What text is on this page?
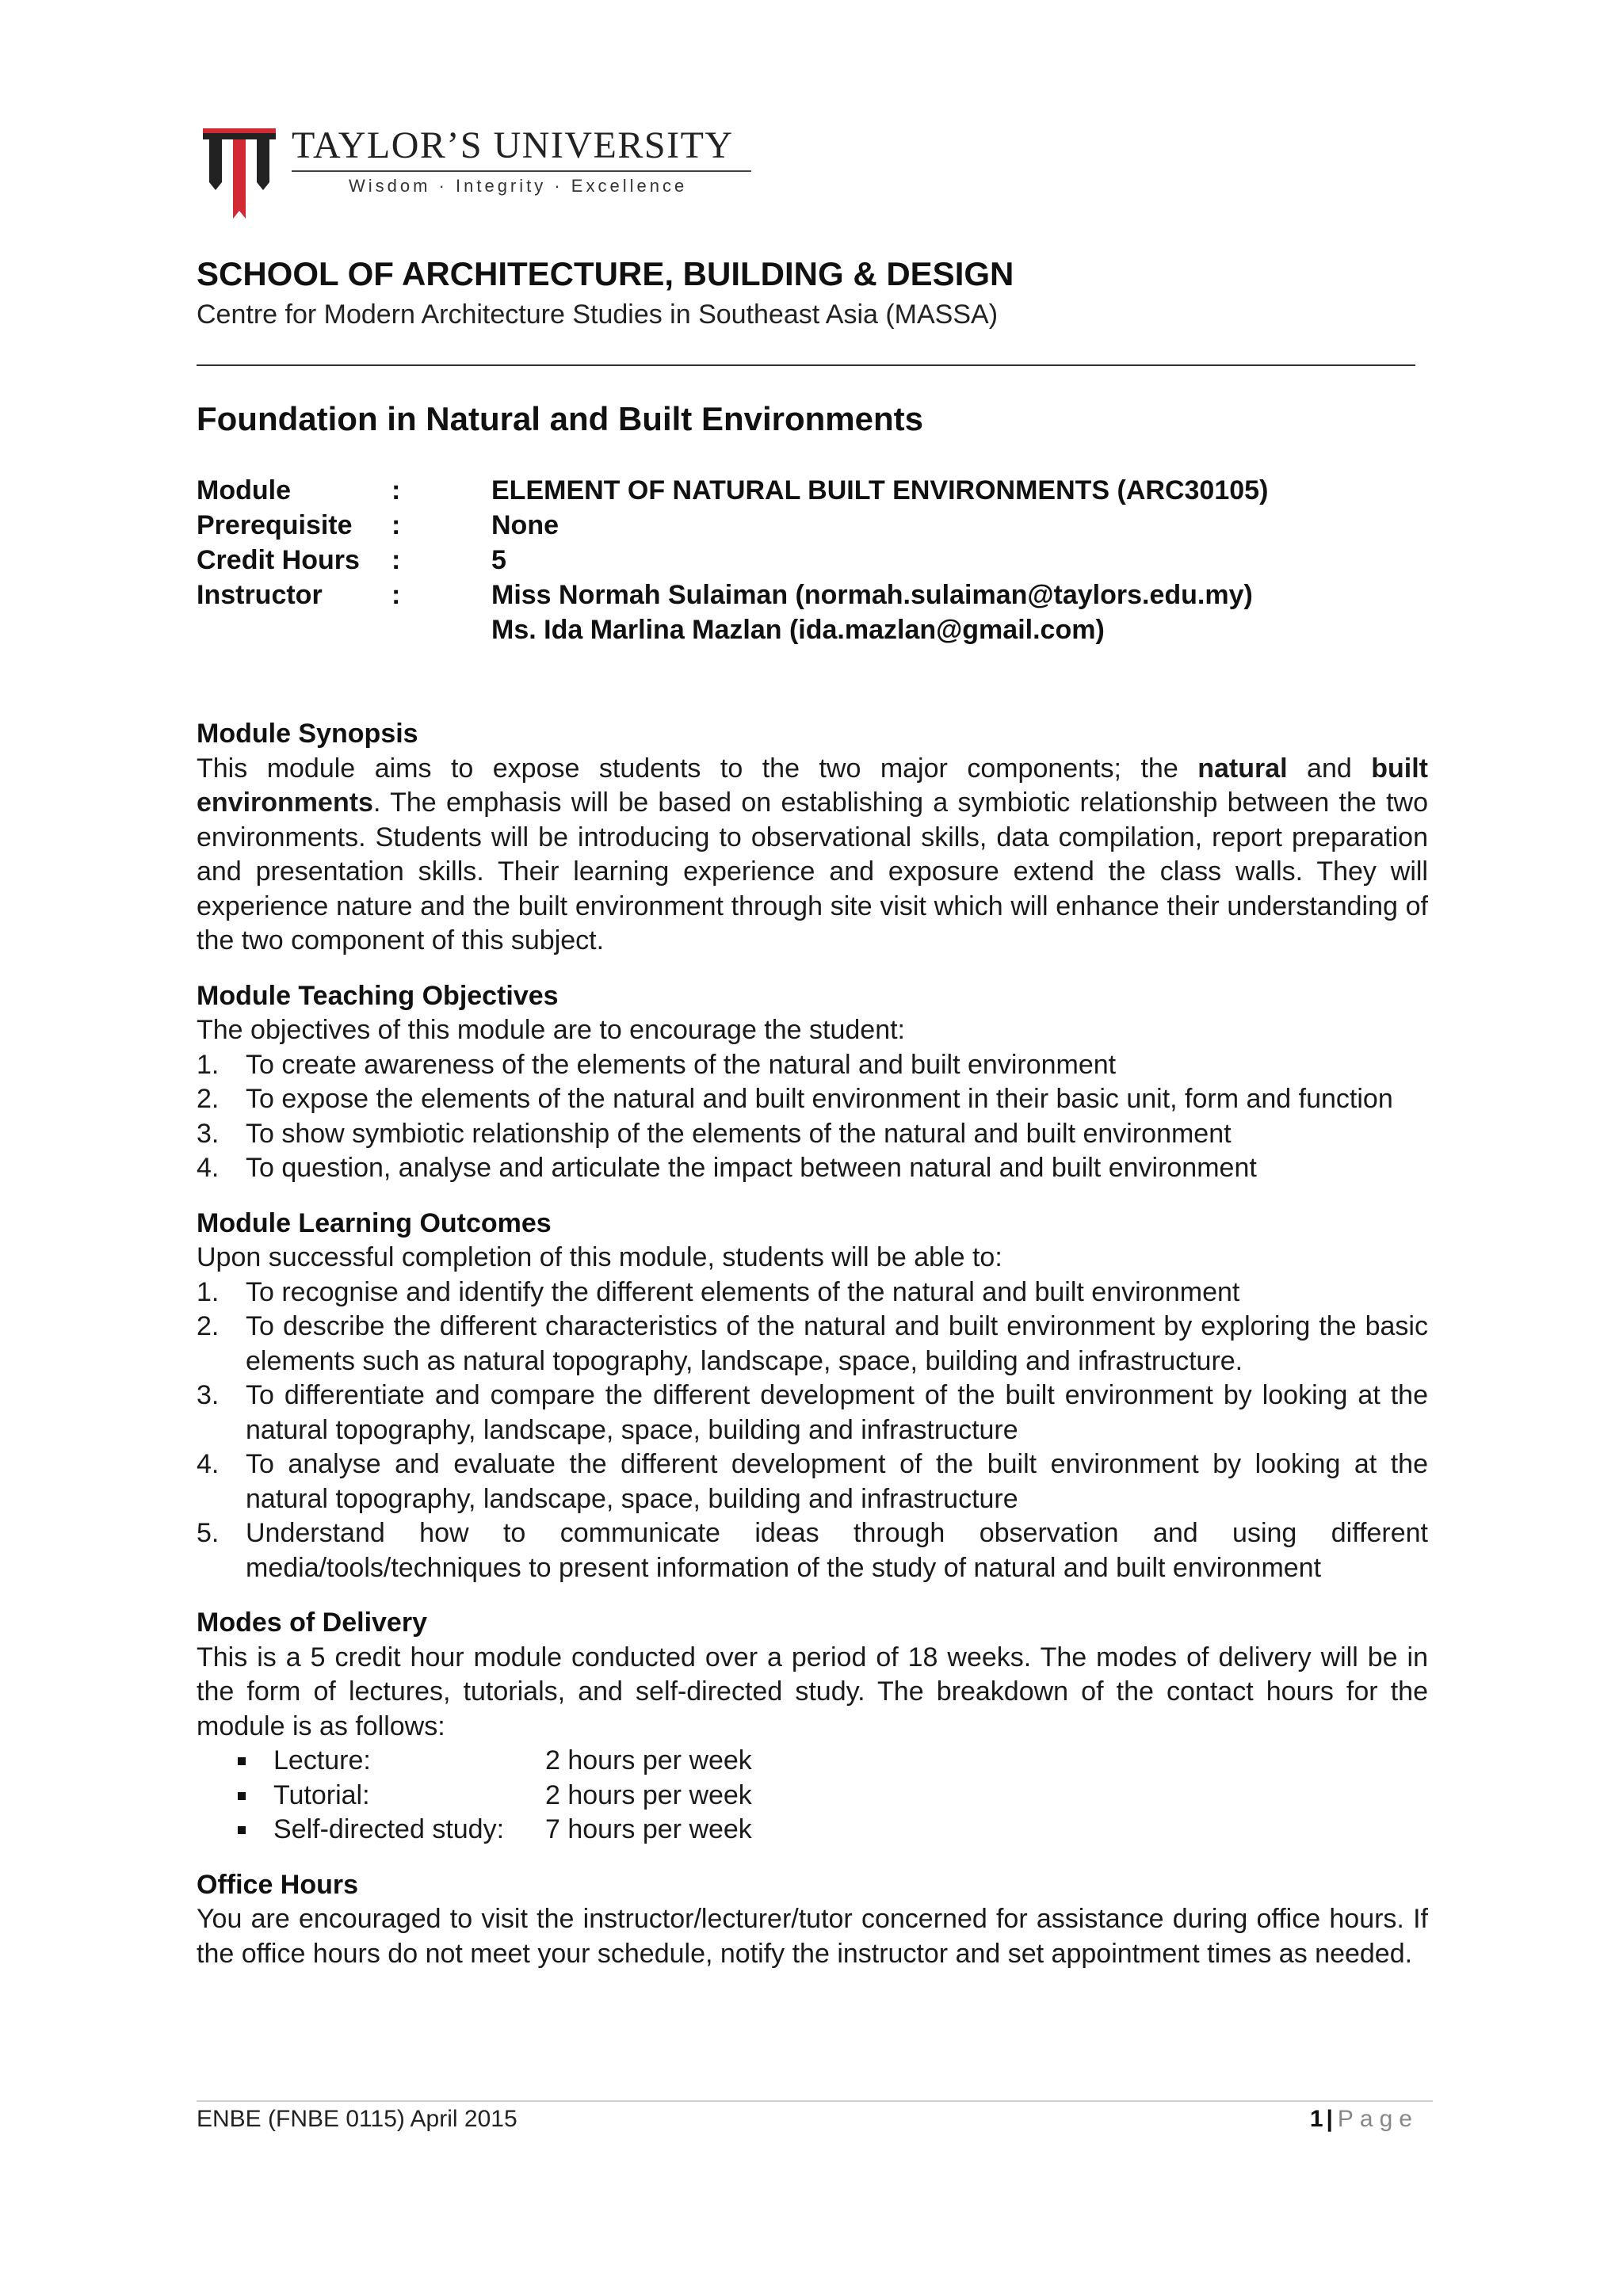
TAYLOR’S UNIVERSITY
Wisdom · Integrity · Excellence
SCHOOL OF ARCHITECTURE, BUILDING & DESIGN
Centre for Modern Architecture Studies in Southeast Asia (MASSA)
Foundation in Natural and Built Environments
Module	:	ELEMENT OF NATURAL BUILT ENVIRONMENTS (ARC30105)
Prerequisite :	None
Credit Hours :	5
Instructor	:	Miss Normah Sulaiman (normah.sulaiman@taylors.edu.my)
Ms. Ida Marlina Mazlan (ida.mazlan@gmail.com)
Module Synopsis

This module aims to expose students to the two major components; the natural and built environments. The emphasis will be based on establishing a symbiotic relationship between the two environments. Students will be introducing to observational skills, data compilation, report preparation and presentation skills. Their learning experience and exposure extend the class walls. They will experience nature and the built environment through site visit which will enhance their understanding of the two component of this subject.

Module Teaching Objectives

The objectives of this module are to encourage the student:

1. To create awareness of the elements of the natural and built environment
2. To expose the elements of the natural and built environment in their basic unit, form and function
3. To show symbiotic relationship of the elements of the natural and built environment
4. To question, analyse and articulate the impact between natural and built environment
Module Learning Outcomes

Upon successful completion of this module, students will be able to:

1. To recognise and identify the different elements of the natural and built environment
2. To describe the different characteristics of the natural and built environment by exploring the basic elements such as natural topography, landscape, space, building and infrastructure.
3. To differentiate and compare the different development of the built environment by looking at the natural topography, landscape, space, building and infrastructure
4. To analyse and evaluate the different development of the built environment by looking at the natural topography, landscape, space, building and infrastructure
5. Understand how to communicate ideas through observation and using different media/tools/techniques to present information of the study of natural and built environment
Modes of Delivery

This is a 5 credit hour module conducted over a period of 18 weeks. The modes of delivery will be in the form of lectures, tutorials, and self-directed study. The breakdown of the contact hours for the module is as follows:

Lecture:	2 hours per week
Tutorial:	2 hours per week
Self-directed study: 7 hours per week
Office Hours

You are encouraged to visit the instructor/lecturer/tutor concerned for assistance during office hours. If the office hours do not meet your schedule, notify the instructor and set appointment times as needed.

ENBE (FNBE 0115) April 2015	1 | Page
